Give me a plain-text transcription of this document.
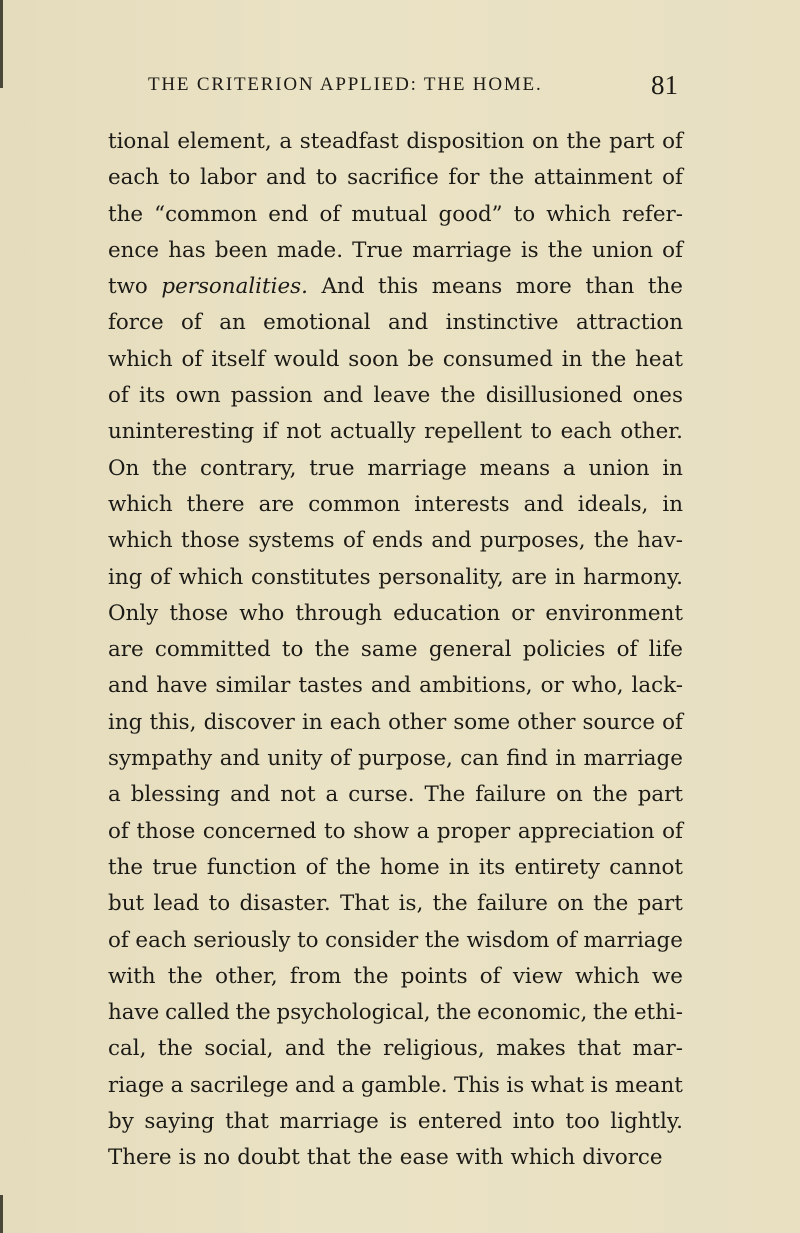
THE CRITERION APPLIED: THE HOME.	81
tional element, a steadfast disposition on the part of
each to labor and to sacrifice for the attainment of
the “common end of mutual good” to which refer-
ence has been made. True marriage is the union of
two personalities. And this means more than the
force of an emotional and instinctive attraction
which of itself would soon be consumed in the heat
of its own passion and leave the disillusioned ones
uninteresting if not actually repellent to each other.
On the contrary, true marriage means a union in
which there are common interests and ideals, in
which those systems of ends and purposes, the hav-
ing of which constitutes personality, are in harmony.
Only those who through education or environment
are committed to the same general policies of life
and have similar tastes and ambitions, or who, lack-
ing this, discover in each other some other source of
sympathy and unity of purpose, can find in marriage
a blessing and not a curse. The failure on the part
of those concerned to show a proper appreciation of
the true function of the home in its entirety cannot
but lead to disaster. That is, the failure on the part
of each seriously to consider the wisdom of marriage
with the other, from the points of view which we
have called the psychological, the economic, the ethi-
cal, the social, and the religious, makes that mar-
riage a sacrilege and a gamble. This is what is meant
by saying that marriage is entered into too lightly.
There is no doubt that the ease with which divorce
